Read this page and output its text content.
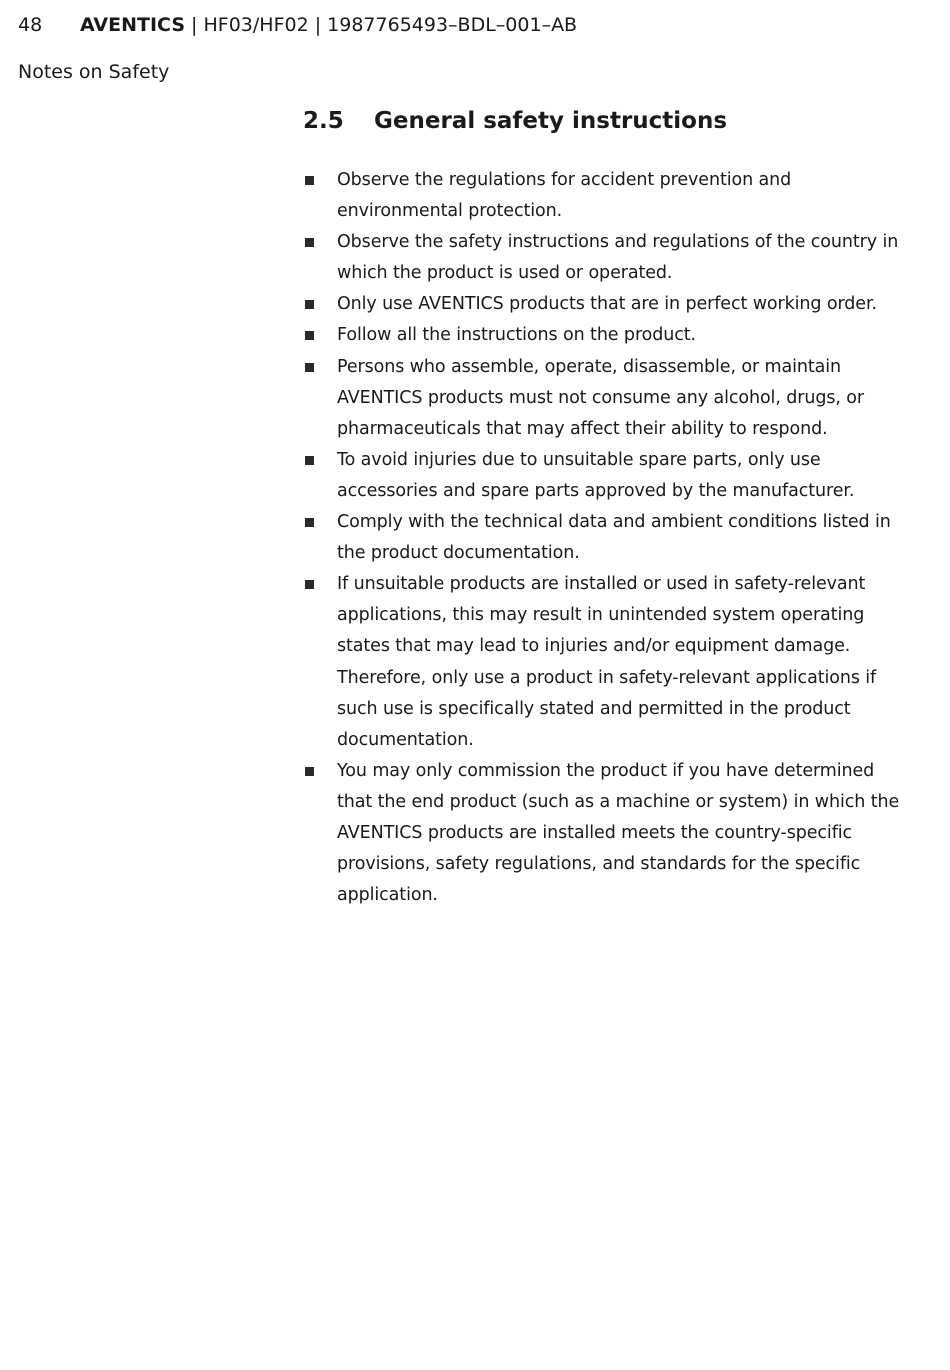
48 AVENTICS | HF03/HF02 | 1987765493–BDL–001–AB
Notes on Safety
2.5 General safety instructions
Observe the regulations for accident prevention and environmental protection.
Observe the safety instructions and regulations of the country in which the product is used or operated.
Only use AVENTICS products that are in perfect working order.
Follow all the instructions on the product.
Persons who assemble, operate, disassemble, or maintain AVENTICS products must not consume any alcohol, drugs, or pharmaceuticals that may affect their ability to respond.
To avoid injuries due to unsuitable spare parts, only use accessories and spare parts approved by the manufacturer.
Comply with the technical data and ambient conditions listed in the product documentation.
If unsuitable products are installed or used in safety-relevant applications, this may result in unintended system operating states that may lead to injuries and/or equipment damage. Therefore, only use a product in safety-relevant applications if such use is specifically stated and permitted in the product documentation.
You may only commission the product if you have determined that the end product (such as a machine or system) in which the AVENTICS products are installed meets the country-specific provisions, safety regulations, and standards for the specific application.
